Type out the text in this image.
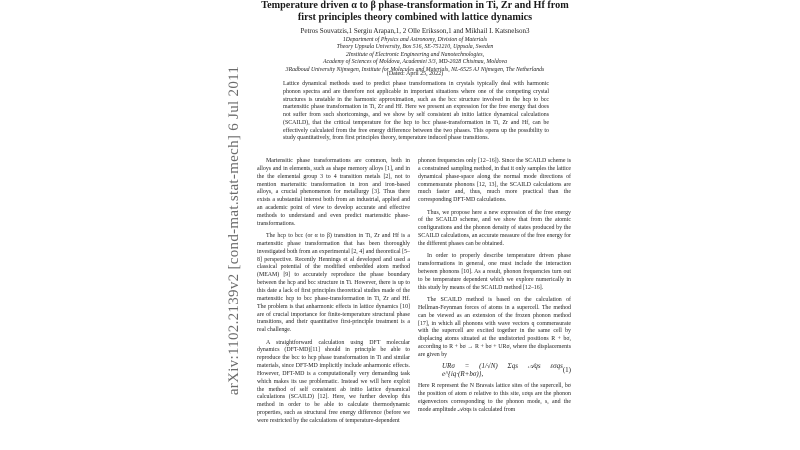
arXiv:1102.2139v2 [cond-mat.stat-mech] 6 Jul 2011
Temperature driven α to β phase-transformation in Ti, Zr and Hf from first principles theory combined with lattice dynamics
Petros Souvatzis,1 Sergiu Arapan,1, 2 Olle Eriksson,1 and Mikhail I. Katsnelson3
1Department of Physics and Astronomy, Division of Materials
Theory Uppsala University, Box 516, SE-751210, Uppsala, Sweden
2Institute of Electronic Engineering and Nanotechnologies,
Academy of Sciences of Moldova, Academiei 3/3, MD-2028 Chisinau, Moldova
3Radboud University Nijmegen, Institute for Molecules and Materials, NL-6525 AJ Nijmegen, The Netherlands
(Dated: April 25, 2022)
Lattice dynamical methods used to predict phase transformations in crystals typically deal with harmonic phonon spectra and are therefore not applicable in important situations where one of the competing crystal structures is unstable in the harmonic approximation, such as the bcc structure involved in the hcp to bcc martensitic phase transformation in Ti, Zr and Hf. Here we present an expression for the free energy that does not suffer from such shortcomings, and we show by self consistent ab initio lattice dynamical calculations (SCAILD), that the critical temperature for the hcp to bcc phase-transformation in Ti, Zr and Hf, can be effectively calculated from the free energy difference between the two phases. This opens up the possibility to study quantitatively, from first principles theory, temperature induced phase transitions.

Martensitic phase transformations are common, both in alloys and in elements, such as shape memory alloys [1], and in the the elemental group 3 to 4 transition metals [2], not to mention martensitic transformation in iron and iron-based alloys, a crucial phenomenon for metallurgy [3]. Thus there exists a substantial interest both from an industrial, applied and an academic point of view to develop accurate and effective methods to understand and even predict martensitic phase-transformations.

The hcp to bcc (or α to β) transition in Ti, Zr and Hf is a martensitic phase transformation that has been thoroughly investigated both from an experimental [2, 4] and theoretical [5–8] perspective. Recently Hennings et al developed and used a classical potential of the modified embedded atom method (MEAM) [9] to accurately reproduce the phase boundary between the hcp and bcc structure in Ti. However, there is up to this date a lack of first principles theoretical studies made of the martensitic hcp to bcc phase-transformation in Ti, Zr and Hf. The problem is that anharmonic effects in lattice dynamics [10] are of crucial importance for finite-temperature structural phase transitions, and their quantitative first-principle treatment is a real challenge.

A straightforward calculation using DFT molecular dynamics (DFT-MD)[11] should in principle be able to reproduce the bcc to hcp phase transformation in Ti and similar materials, since DFT-MD implicitly include anharmonic effects. However, DFT-MD is a computationally very demanding task which makes its use problematic. Instead we will here exploit the method of self consistent ab initio lattice dynamical calculations (SCAILD) [12]. Here, we further develop this method in order to be able to calculate thermodynamic properties, such as structural free energy difference (before we were restricted by the calculations of temperature-dependent

phonon frequencies only [12–16]). Since the SCAILD scheme is a constrained sampling method, in that it only samples the lattice dynamical phase-space along the normal mode directions of commensurate phonons [12, 13], the SCAILD calculations are much faster and, thus, much more practical than the corresponding DFT-MD calculations.

Thus, we propose here a new expression of the free energy of the SCAILD scheme, and we show that from the atomic configurations and the phonon density of states produced by the SCAILD calculations, an accurate measure of the free energy for the different phases can be obtained.

In order to properly describe temperature driven phase transformations in general, one must include the interaction between phonons [10]. As a result, phonon frequencies turn out to be temperature dependent which we explore numerically in this study by means of the SCAILD method [12–16].

The SCAILD method is based on the calculation of Hellman-Feynman forces of atoms in a supercell. The method can be viewed as an extension of the frozen phonon method [17], in which all phonons with wave vectors q commensurate with the supercell are excited together in the same cell by displacing atoms situated at the undistorted positions R + bσ, according to R + bσ → R + bσ + URσ, where the displacements are given by

URσ = (1/√N) Σqs 𝒜qs εσqs e^{iq·(R+bσ)},	(1)

Here R represent the N Bravais lattice sites of the supercell, bσ the position of atom σ relative to this site, εσqs are the phonon eigenvectors corresponding to the phonon mode, s, and the mode amplitude 𝒜σqs is calculated from
